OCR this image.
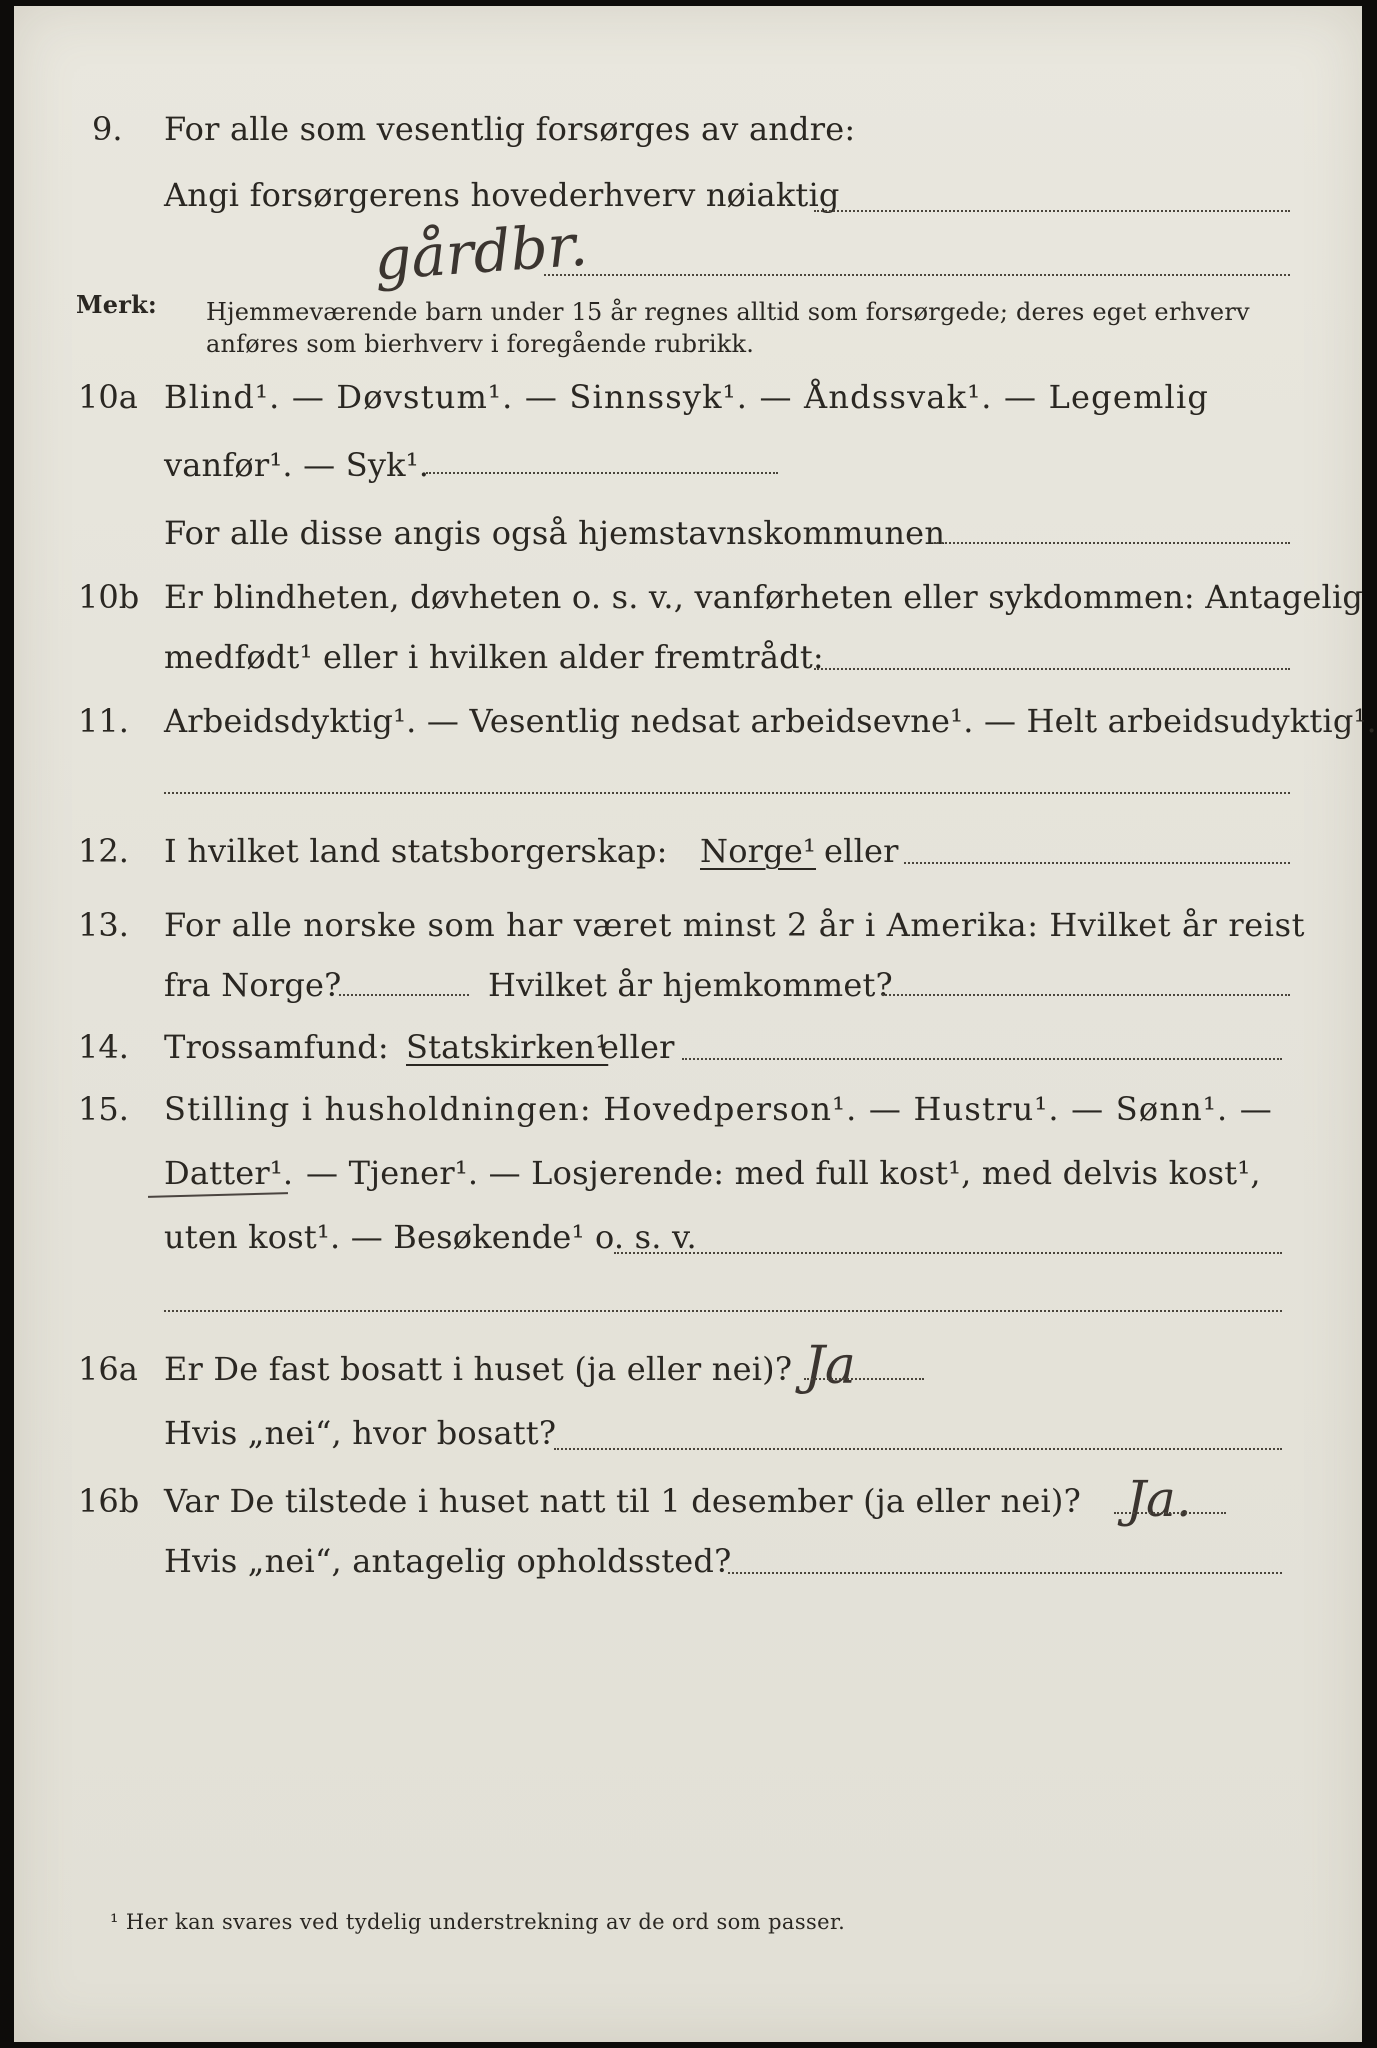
9. For alle som vesentlig forsørges av andre:
Angi forsørgerens hovederhverv nøiaktig
gårdbr.
Merk: Hjemmeværende barn under 15 år regnes alltid som forsørgede; deres eget erhverv
anføres som bierhverv i foregående rubrikk.
10a Blind¹. — Døvstum¹. — Sinnssyk¹. — Åndssvak¹. — Legemlig
vanfør¹. — Syk¹.
For alle disse angis også hjemstavnskommunen
10b Er blindheten, døvheten o. s. v., vanførheten eller sykdommen: Antagelig
medfødt¹ eller i hvilken alder fremtrådt:
11. Arbeidsdyktig¹. — Vesentlig nedsat arbeidsevne¹. — Helt arbeidsudyktig¹.
12. I hvilket land statsborgerskap: Norge¹ eller
13. For alle norske som har været minst 2 år i Amerika: Hvilket år reist
fra Norge?	Hvilket år hjemkommet?
14. Trossamfund: Statskirken¹
eller
15. Stilling i husholdningen: Hovedperson¹. — Hustru¹. — Sønn¹. —
Datter¹. — Tjener¹. — Losjerende: med full kost¹, med delvis kost¹,
uten kost¹. — Besøkende¹ o. s. v.
16a Er De fast bosatt i huset (ja eller nei)? Ja
Hvis „nei“, hvor bosatt?
16b Var De tilstede i huset natt til 1 desember (ja eller nei)? Ja.
Hvis „nei“, antagelig opholdssted?
¹ Her kan svares ved tydelig understrekning av de ord som passer.
